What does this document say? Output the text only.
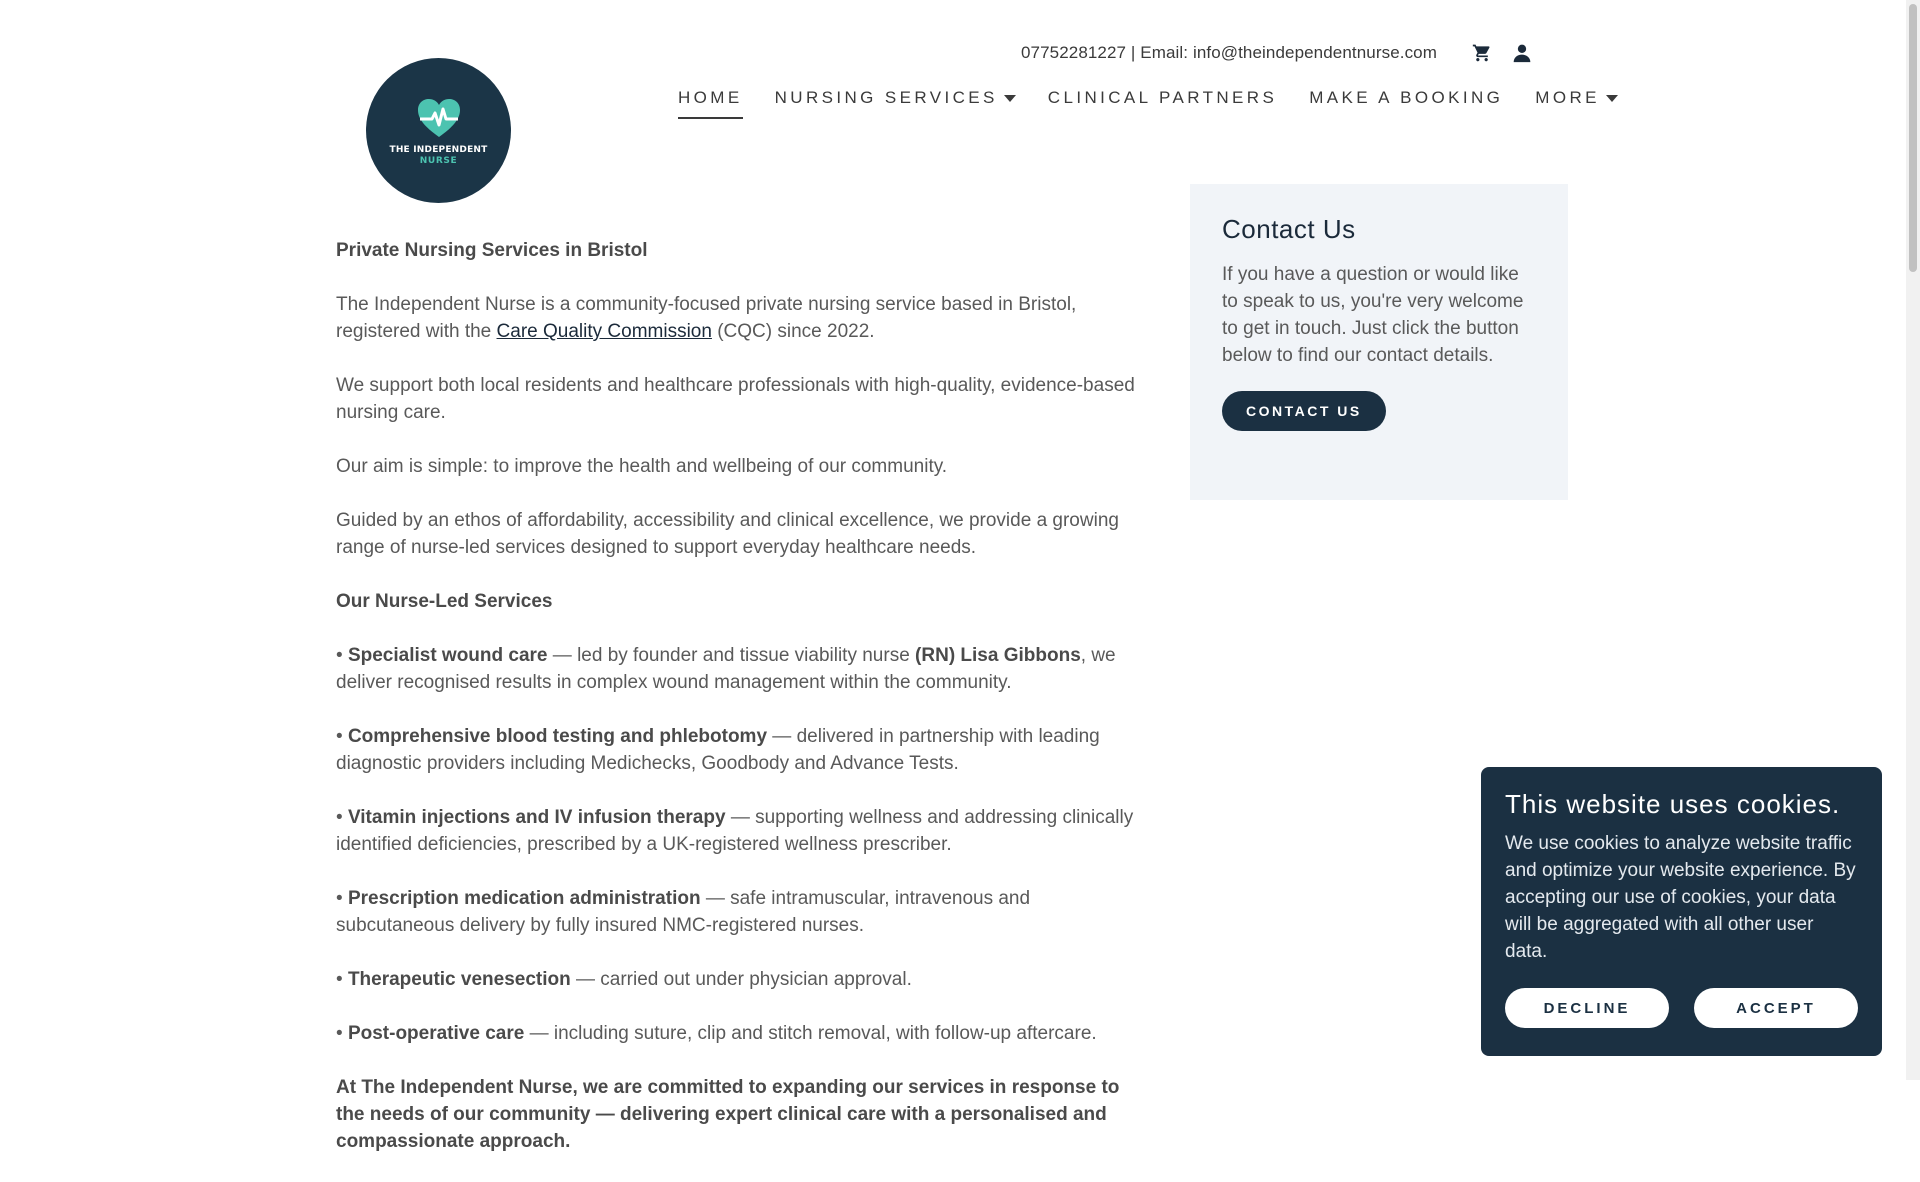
07752281227 | Email: info@theindependentnurse.com
THE INDEPENDENT
NURSE
HOME NURSING SERVICES	CLINICAL PARTNERS MAKE A BOOKING MORE

Private Nursing Services in Bristol

The Independent Nurse is a community-focused private nursing service based in Bristol, registered with the Care Quality Commission (CQC) since 2022.

We support both local residents and healthcare professionals with high-quality, evidence-based nursing care.

Our aim is simple: to improve the health and wellbeing of our community.

Guided by an ethos of affordability, accessibility and clinical excellence, we provide a growing range of nurse-led services designed to support everyday healthcare needs.

Our Nurse-Led Services

• Specialist wound care — led by founder and tissue viability nurse (RN) Lisa Gibbons, we deliver recognised results in complex wound management within the community.

• Comprehensive blood testing and phlebotomy — delivered in partnership with leading diagnostic providers including Medichecks, Goodbody and Advance Tests.

• Vitamin injections and IV infusion therapy — supporting wellness and addressing clinically identified deficiencies, prescribed by a UK-registered wellness prescriber.

• Prescription medication administration — safe intramuscular, intravenous and subcutaneous delivery by fully insured NMC-registered nurses.

• Therapeutic venesection — carried out under physician approval.

• Post-operative care — including suture, clip and stitch removal, with follow-up aftercare.

At The Independent Nurse, we are committed to expanding our services in response to the needs of our community — delivering expert clinical care with a personalised and compassionate approach.

Contact Us

If you have a question or would like to speak to us, you're very welcome to get in touch. Just click the button below to find our contact details.

CONTACT US
This website uses cookies.

We use cookies to analyze website traffic and optimize your website experience. By accepting our use of cookies, your data will be aggregated with all other user data.

DECLINE	ACCEPT
